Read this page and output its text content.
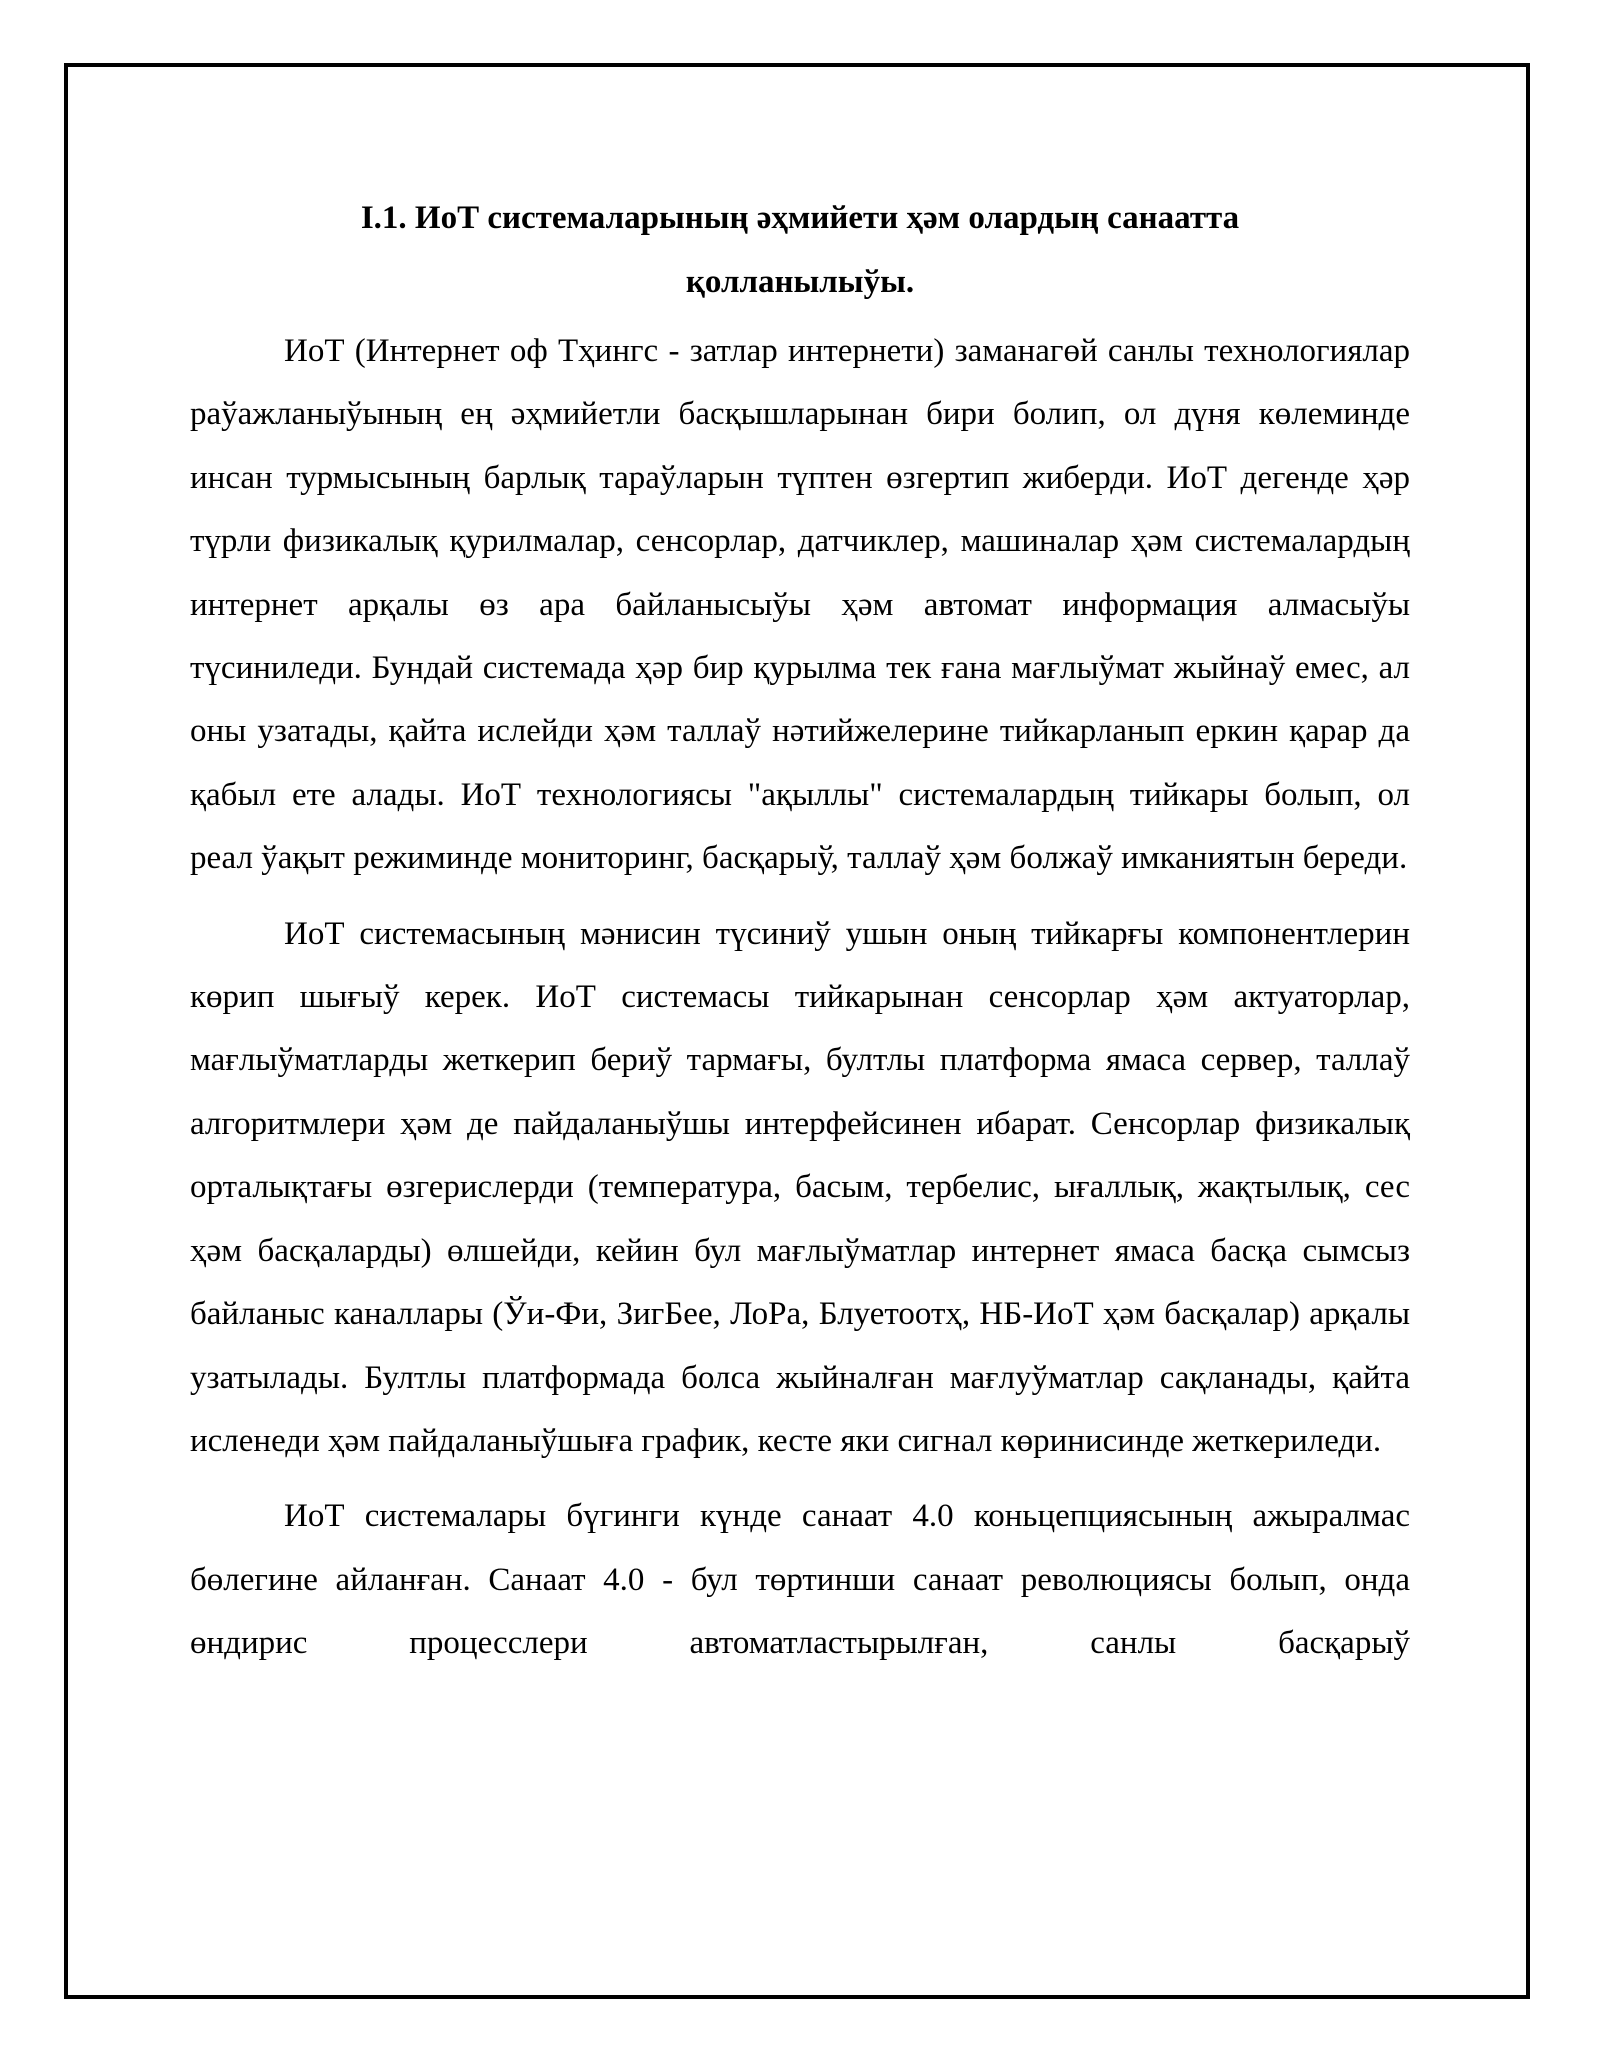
I.1. ИоТ системаларының әҳмийети ҳәм олардың санаатта
қолланылыўы.

ИоТ (Интернет оф Тҳингс - затлар интернети) заманагөй санлы технологиялар раўажланыўының ең әҳмийетли басқышларынан бири болип, ол дүня көлеминде инсан турмысының барлық тараўларын түптен өзгертип жиберди. ИоТ дегенде ҳәр түрли физикалық қурилмалар, сенсорлар, датчиклер, машиналар ҳәм системалардың интернет арқалы өз ара байланысыўы ҳәм автомат информация алмасыўы түсиниледи. Бундай системада ҳәр бир қурылма тек ғана мағлыўмат жыйнаў емес, ал оны узатады, қайта ислейди ҳәм таллаў нәтийжелерине тийкарланып еркин қарар да қабыл ете алады. ИоТ технологиясы "ақыллы" системалардың тийкары болып, ол реал ўақыт режиминде мониторинг, басқарыў, таллаў ҳәм болжаў имканиятын береди.

ИоТ системасының мәнисин түсиниў ушын оның тийкарғы компонентлерин көрип шығыў керек. ИоТ системасы тийкарынан сенсорлар ҳәм актуаторлар, мағлыўматларды жеткерип бериў тармағы, бултлы платформа ямаса сервер, таллаў алгоритмлери ҳәм де пайдаланыўшы интерфейсинен ибарат. Сенсорлар физикалық орталықтағы өзгерислерди (температура, басым, тербелис, ығаллық, жақтылық, сес ҳәм басқаларды) өлшейди, кейин бул мағлыўматлар интернет ямаса басқа сымсыз байланыс каналлары (Ўи-Фи, ЗигБее, ЛоРа, Блуетоотҳ, НБ-ИоТ ҳәм басқалар) арқалы узатылады. Бултлы платформада болса жыйналған мағлуўматлар сақланады, қайта исленеди ҳәм пайдаланыўшыға график, кесте яки сигнал көринисинде жеткериледи.

ИоТ системалары бүгинги күнде санаат 4.0 коньцепциясының ажыралмас бөлегине айланған. Санаат 4.0 - бул төртинши санаат революциясы болып, онда өндирис процесслери автоматластырылған, санлы басқарыў
